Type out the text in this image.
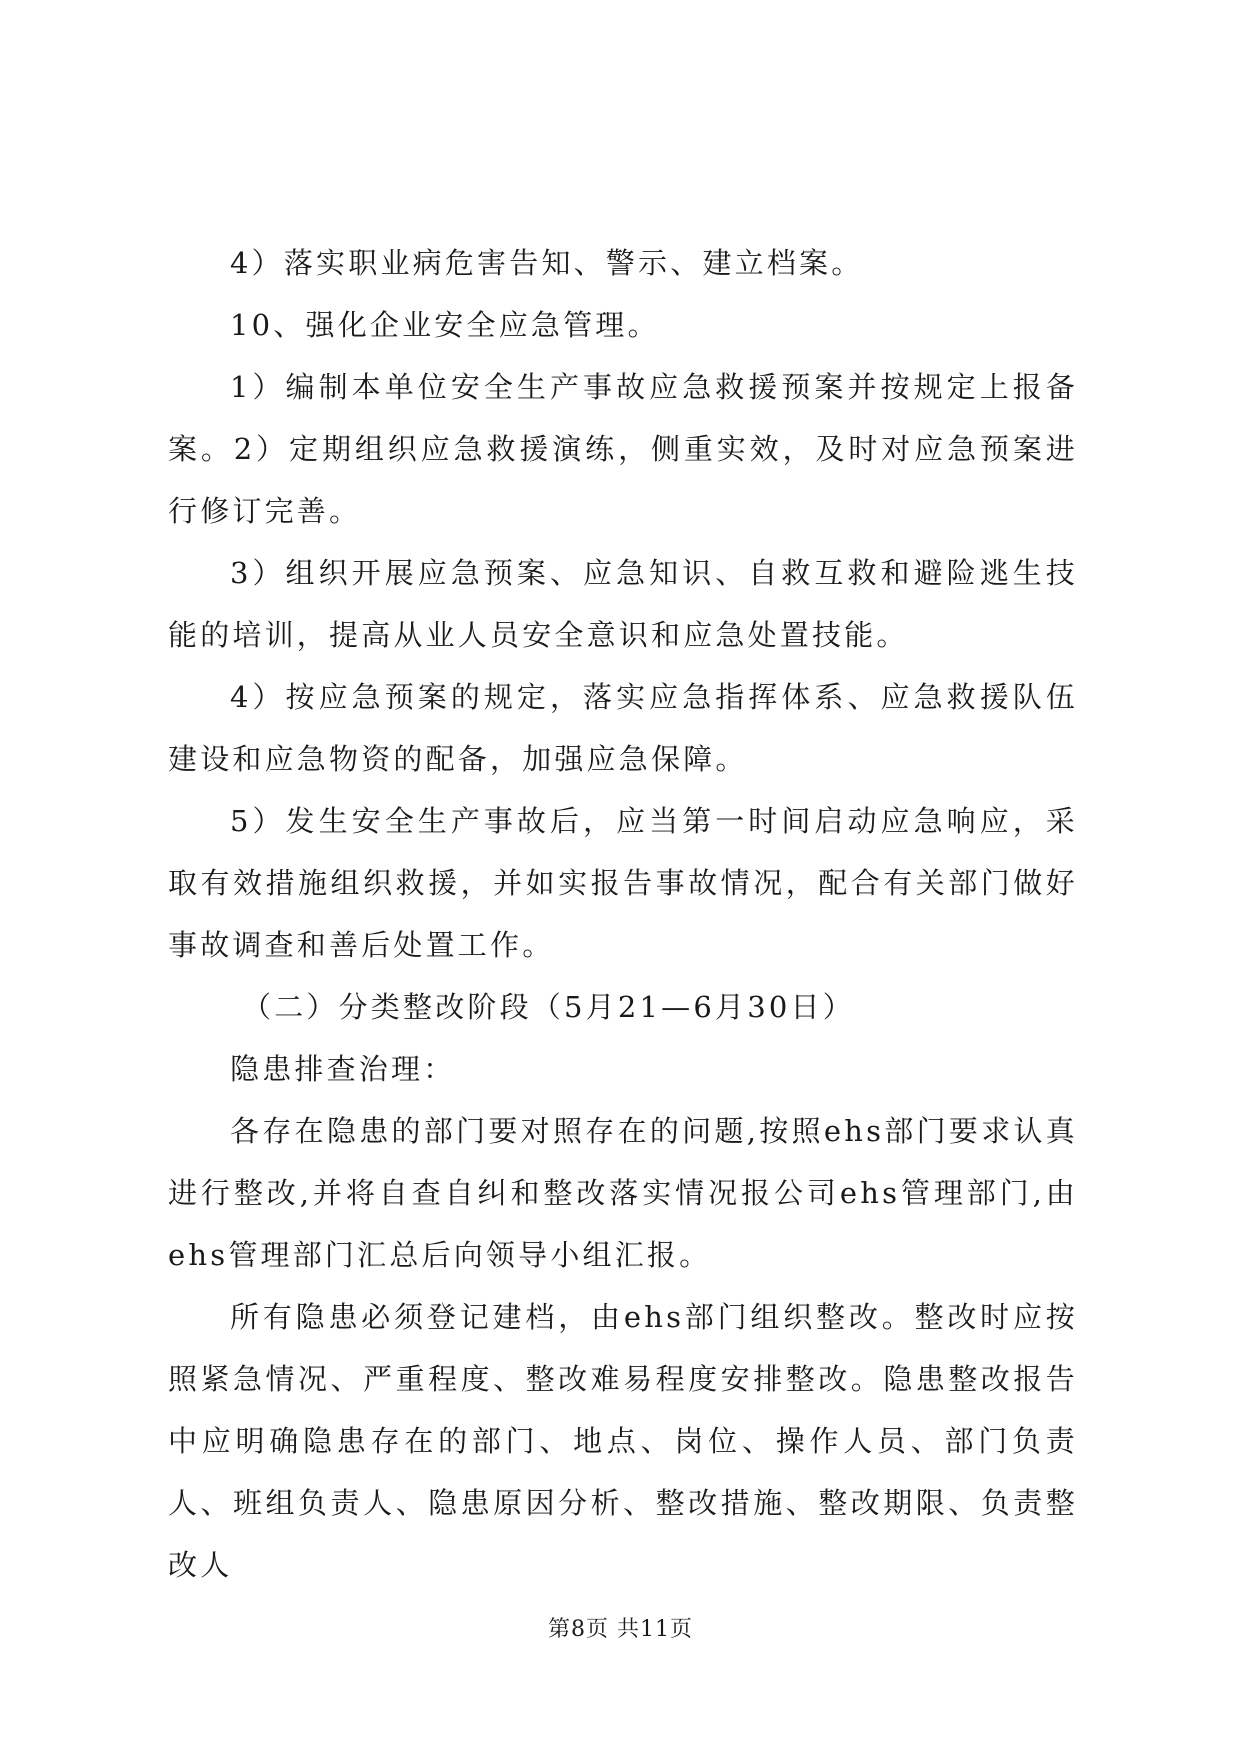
4）落实职业病危害告知、警示、建立档案。

10、强化企业安全应急管理。

1）编制本单位安全生产事故应急救援预案并按规定上报备案。2）定期组织应急救援演练，侧重实效，及时对应急预案进行修订完善。

3）组织开展应急预案、应急知识、自救互救和避险逃生技能的培训，提高从业人员安全意识和应急处置技能。

4）按应急预案的规定，落实应急指挥体系、应急救援队伍建设和应急物资的配备，加强应急保障。

5）发生安全生产事故后，应当第一时间启动应急响应，采取有效措施组织救援，并如实报告事故情况，配合有关部门做好事故调查和善后处置工作。

（二）分类整改阶段（5月21—6月30日）

隐患排查治理：

各存在隐患的部门要对照存在的问题,按照ehs部门要求认真进行整改,并将自查自纠和整改落实情况报公司ehs管理部门,由ehs管理部门汇总后向领导小组汇报。

所有隐患必须登记建档，由ehs部门组织整改。整改时应按照紧急情况、严重程度、整改难易程度安排整改。隐患整改报告中应明确隐患存在的部门、地点、岗位、操作人员、部门负责人、班组负责人、隐患原因分析、整改措施、整改期限、负责整改人

第8页 共11页
